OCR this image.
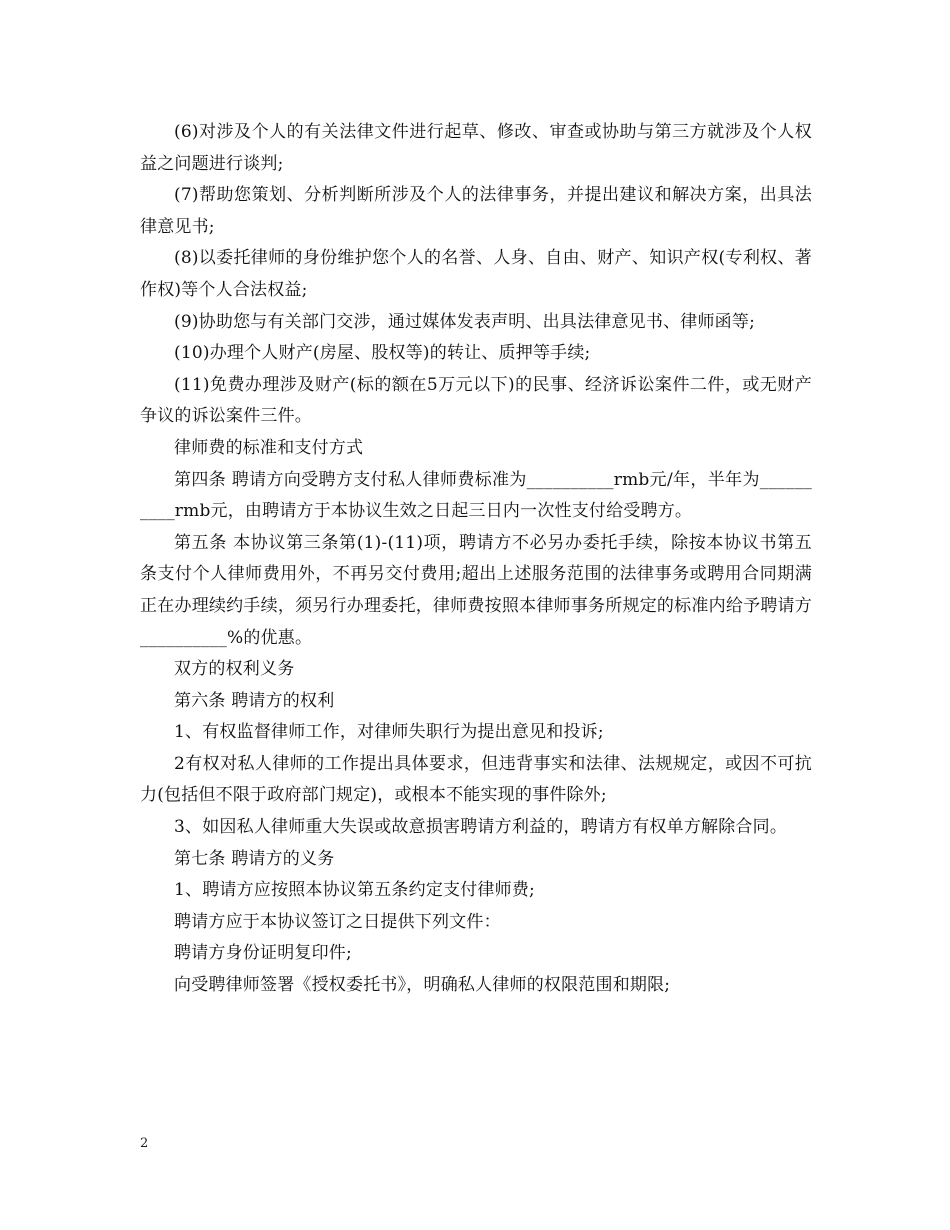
(6)对涉及个人的有关法律文件进行起草、修改、审查或协助与第三方就涉及个人权益之问题进行谈判;

(7)帮助您策划、分析判断所涉及个人的法律事务，并提出建议和解决方案，出具法律意见书;

(8)以委托律师的身份维护您个人的名誉、人身、自由、财产、知识产权(专利权、著作权)等个人合法权益;

(9)协助您与有关部门交涉，通过媒体发表声明、出具法律意见书、律师函等;

(10)办理个人财产(房屋、股权等)的转让、质押等手续;

(11)免费办理涉及财产(标的额在5万元以下)的民事、经济诉讼案件二件，或无财产争议的诉讼案件三件。

律师费的标准和支付方式

第四条 聘请方向受聘方支付私人律师费标准为__________rmb元/年，半年为__________rmb元，由聘请方于本协议生效之日起三日内一次性支付给受聘方。

第五条 本协议第三条第(1)-(11)项，聘请方不必另办委托手续，除按本协议书第五条支付个人律师费用外，不再另交付费用;超出上述服务范围的法律事务或聘用合同期满正在办理续约手续，须另行办理委托，律师费按照本律师事务所规定的标准内给予聘请方__________%的优惠。

双方的权利义务

第六条 聘请方的权利

1、有权监督律师工作，对律师失职行为提出意见和投诉;

2有权对私人律师的工作提出具体要求，但违背事实和法律、法规规定，或因不可抗力(包括但不限于政府部门规定)，或根本不能实现的事件除外;

3、如因私人律师重大失误或故意损害聘请方利益的，聘请方有权单方解除合同。

第七条 聘请方的义务

1、聘请方应按照本协议第五条约定支付律师费;

聘请方应于本协议签订之日提供下列文件：

聘请方身份证明复印件;

向受聘律师签署《授权委托书》，明确私人律师的权限范围和期限;

2
